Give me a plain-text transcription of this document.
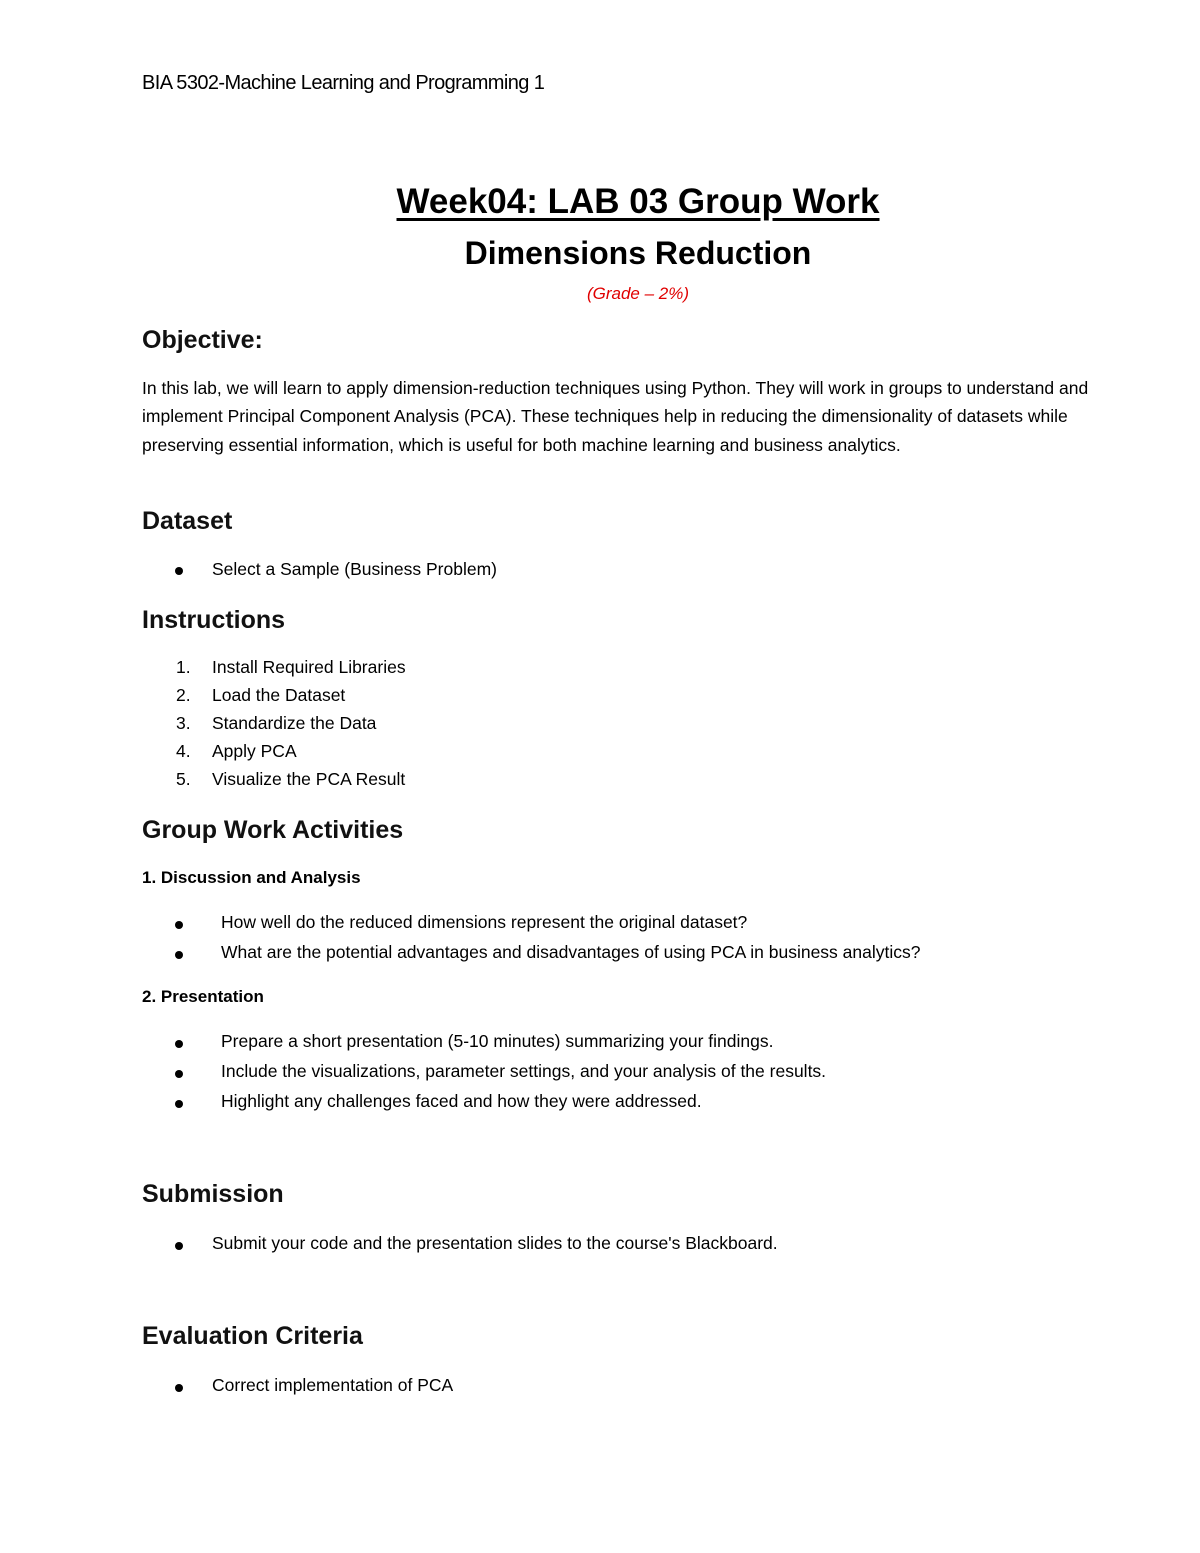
BIA 5302-Machine Learning and Programming 1
Week04: LAB 03 Group Work
Dimensions Reduction
(Grade – 2%)
Objective:
In this lab, we will learn to apply dimension-reduction techniques using Python. They will work in groups to understand and implement Principal Component Analysis (PCA). These techniques help in reducing the dimensionality of datasets while preserving essential information, which is useful for both machine learning and business analytics.
Dataset
Select a Sample (Business Problem)
Instructions
1. Install Required Libraries
2. Load the Dataset
3. Standardize the Data
4. Apply PCA
5. Visualize the PCA Result
Group Work Activities
1. Discussion and Analysis
How well do the reduced dimensions represent the original dataset?
What are the potential advantages and disadvantages of using PCA in business analytics?
2. Presentation
Prepare a short presentation (5-10 minutes) summarizing your findings.
Include the visualizations, parameter settings, and your analysis of the results.
Highlight any challenges faced and how they were addressed.
Submission
Submit your code and the presentation slides to the course's Blackboard.
Evaluation Criteria
Correct implementation of PCA
